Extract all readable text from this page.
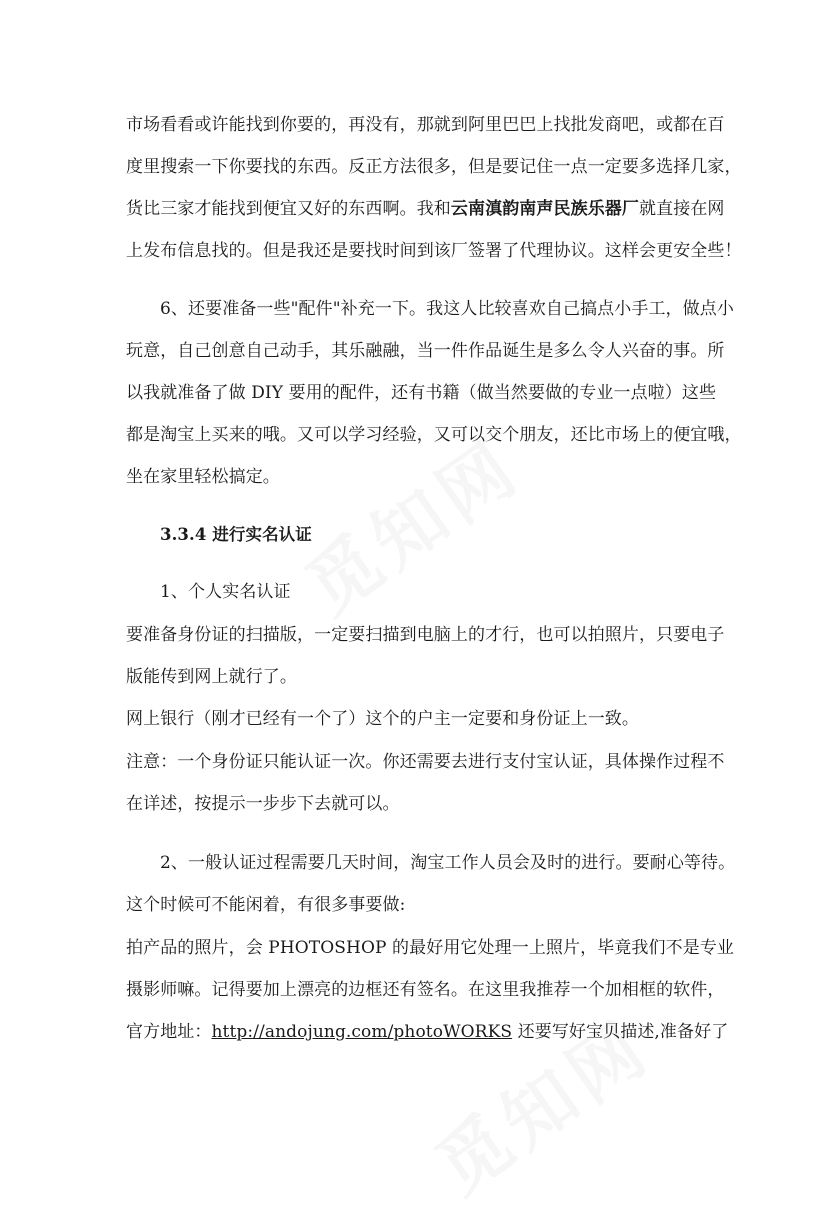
市场看看或许能找到你要的，再没有，那就到阿里巴巴上找批发商吧，或都在百
度里搜索一下你要找的东西。反正方法很多，但是要记住一点一定要多选择几家，
货比三家才能找到便宜又好的东西啊。我和云南滇韵南声民族乐器厂就直接在网
上发布信息找的。但是我还是要找时间到该厂签署了代理协议。这样会更安全些！
6、还要准备一些"配件"补充一下。我这人比较喜欢自己搞点小手工，做点小
玩意，自己创意自己动手，其乐融融，当一件作品诞生是多么令人兴奋的事。所
以我就准备了做 DIY 要用的配件，还有书籍（做当然要做的专业一点啦）这些
都是淘宝上买来的哦。又可以学习经验，又可以交个朋友，还比市场上的便宜哦，
坐在家里轻松搞定。
3.3.4 进行实名认证
1、个人实名认证
要准备身份证的扫描版，一定要扫描到电脑上的才行，也可以拍照片，只要电子
版能传到网上就行了。
网上银行（刚才已经有一个了）这个的户主一定要和身份证上一致。
注意：一个身份证只能认证一次。你还需要去进行支付宝认证，具体操作过程不
在详述，按提示一步步下去就可以。
2、一般认证过程需要几天时间，淘宝工作人员会及时的进行。要耐心等待。
这个时候可不能闲着，有很多事要做:
拍产品的照片，会 PHOTOSHOP 的最好用它处理一上照片，毕竟我们不是专业
摄影师嘛。记得要加上漂亮的边框还有签名。在这里我推荐一个加相框的软件，
官方地址：http://andojung.com/photoWORKS 还要写好宝贝描述,准备好了
